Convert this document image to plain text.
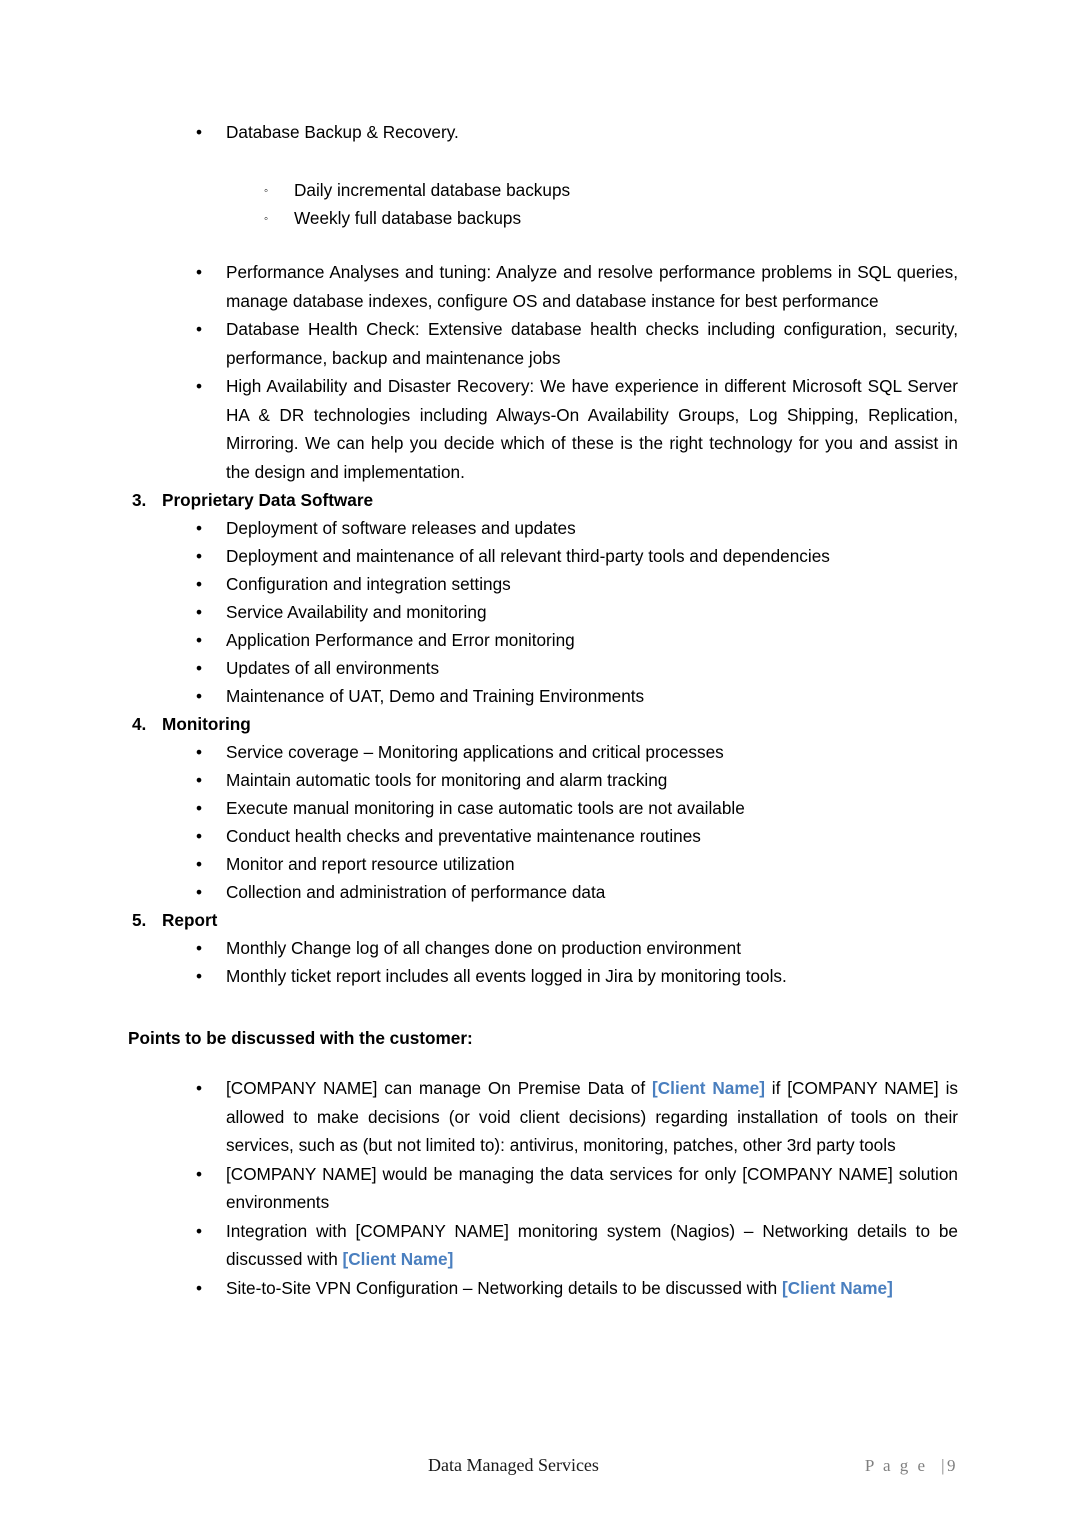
•	Database Backup & Recovery.
◦ Daily incremental database backups
◦ Weekly full database backups
•	Performance Analyses and tuning: Analyze and resolve performance problems in SQL queries, manage database indexes, configure OS and database instance for best performance
•	Database Health Check: Extensive database health checks including configuration, security, performance, backup and maintenance jobs
•	High Availability and Disaster Recovery: We have experience in different Microsoft SQL Server HA & DR technologies including Always-On Availability Groups, Log Shipping, Replication, Mirroring. We can help you decide which of these is the right technology for you and assist in the design and implementation.
3. Proprietary Data Software
•	Deployment of software releases and updates
•	Deployment and maintenance of all relevant third-party tools and dependencies
•	Configuration and integration settings
•	Service Availability and monitoring
•	Application Performance and Error monitoring
•	Updates of all environments
•	Maintenance of UAT, Demo and Training Environments
4. Monitoring
•	Service coverage – Monitoring applications and critical processes
•	Maintain automatic tools for monitoring and alarm tracking
•	Execute manual monitoring in case automatic tools are not available
•	Conduct health checks and preventative maintenance routines
•	Monitor and report resource utilization
•	Collection and administration of performance data
5. Report
•	Monthly Change log of all changes done on production environment
•	Monthly ticket report includes all events logged in Jira by monitoring tools.
Points to be discussed with the customer:
•	[COMPANY NAME] can manage On Premise Data of [Client Name] if [COMPANY NAME] is allowed to make decisions (or void client decisions) regarding installation of tools on their services, such as (but not limited to): antivirus, monitoring, patches, other 3rd party tools
•	[COMPANY NAME] would be managing the data services for only [COMPANY NAME] solution environments
•	Integration with [COMPANY NAME] monitoring system (Nagios) – Networking details to be discussed with [Client Name]
•	Site-to-Site VPN Configuration – Networking details to be discussed with [Client Name]
Data Managed Services	P a g e  |9
